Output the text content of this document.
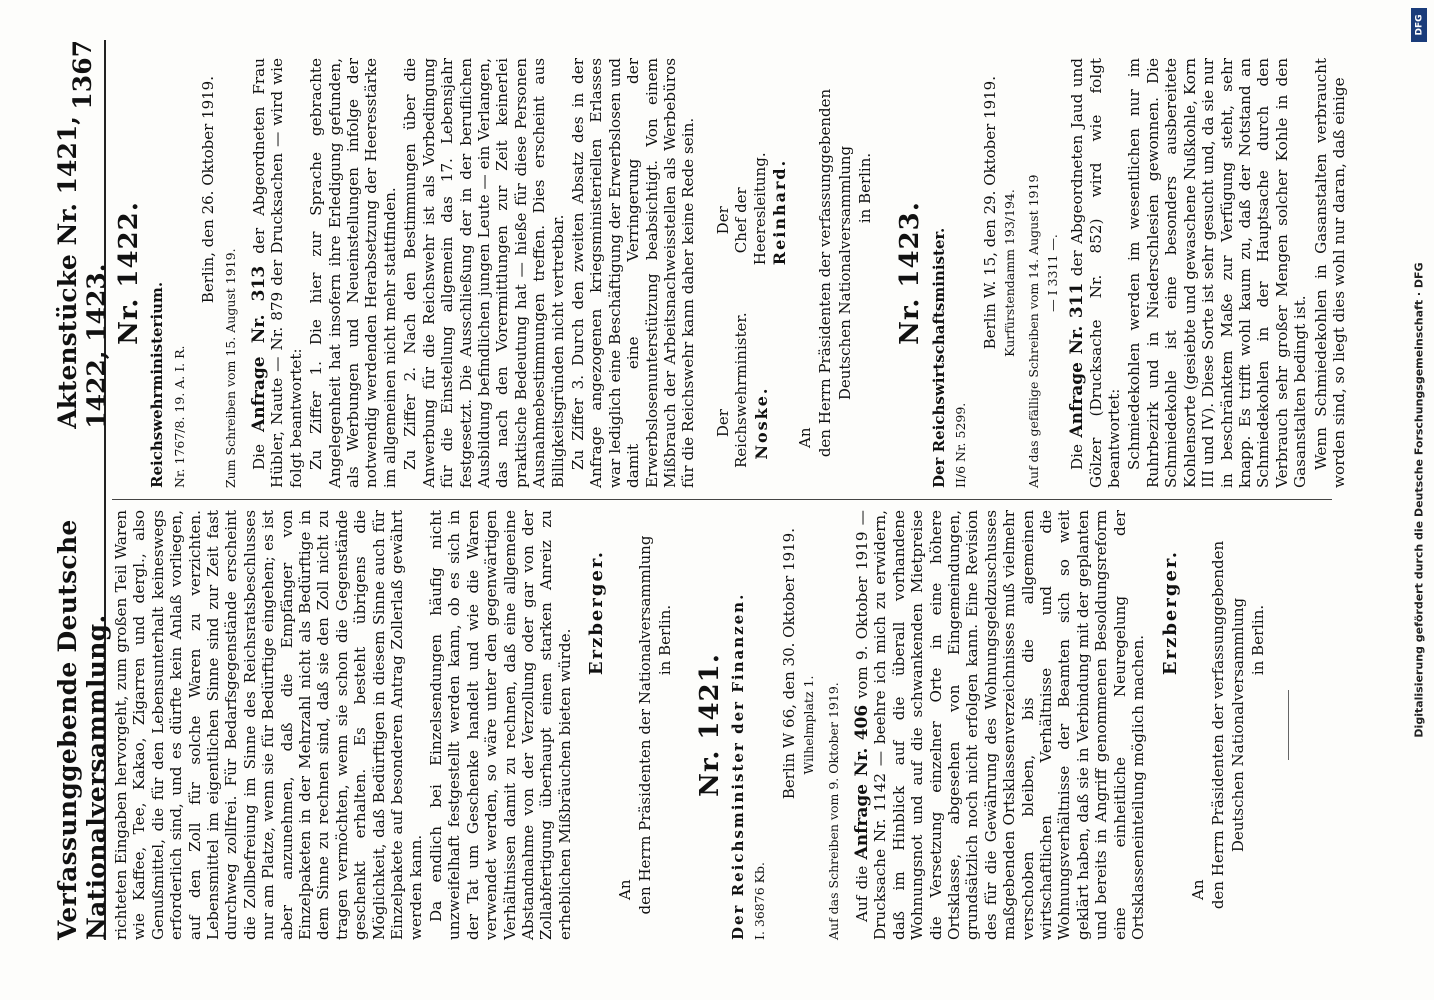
Verfassunggebende Deutsche Nationalversammlung.
Aktenstücke Nr. 1421, 1422, 1423.
1367

richteten Eingaben hervorgeht, zum großen Teil Waren wie Kaffee, Tee, Kakao, Zigarren und dergl., also Genußmittel, die für den Lebensunterhalt keineswegs erforderlich sind, und es dürfte kein Anlaß vorliegen, auf den Zoll für solche Waren zu verzichten. Lebensmittel im eigentlichen Sinne sind zur Zeit fast durchweg zollfrei. Für Bedarfsgegenstände erscheint die Zollbefreiung im Sinne des Reichsratsbeschlusses nur am Platze, wenn sie für Bedürftige eingehen; es ist aber anzunehmen, daß die Empfänger von Einzelpaketen in der Mehrzahl nicht als Bedürftige in dem Sinne zu rechnen sind, daß sie den Zoll nicht zu tragen vermöchten, wenn sie schon die Gegenstände geschenkt erhalten. Es besteht übrigens die Möglichkeit, daß Bedürftigen in diesem Sinne auch für Einzelpakete auf besonderen Antrag Zollerlaß gewährt werden kann. Da endlich bei Einzelsendungen häufig nicht unzweifelhaft festgestellt werden kann, ob es sich in der Tat um Geschenke handelt und wie die Waren verwendet werden, so wäre unter den gegenwärtigen Verhältnissen damit zu rechnen, daß eine allgemeine Abstandnahme von der Verzollung oder gar von der Zollabfertigung überhaupt einen starken Anreiz zu erheblichen Mißbräuchen bieten würde.

Erzberger.
An den Herrn Präsidenten der Nationalversammlung in Berlin.
Nr. 1421. Der Reichsminister der Finanzen. I. 36876 Kb.
Berlin W 66, den 30. Oktober 1919. Wilhelmplatz 1. Auf das Schreiben vom 9. Oktober 1919. Auf die Anfrage Nr. 406 vom 9. Oktober 1919 — Drucksache Nr. 1142 — beehre ich mich zu erwidern, daß im Hinblick auf die überall vorhandene Wohnungsnot und auf die schwankenden Mietpreise die Versetzung einzelner Orte in eine höhere Ortsklasse, abgesehen von Eingemeindungen, grundsätzlich noch nicht erfolgen kann. Eine Revision des für die Gewährung des Wohnungsgeldzuschusses maßgebenden Ortsklassenverzeichnisses muß vielmehr verschoben bleiben, bis die allgemeinen wirtschaftlichen Verhältnisse und die Wohnungsverhältnisse der Beamten sich so weit geklärt haben, daß sie in Verbindung mit der geplanten und bereits in Angriff genommenen Besoldungsreform eine einheitliche Neuregelung der Ortsklasseneinteilung möglich machen.

Erzberger.
An den Herrn Präsidenten der verfassunggebenden Deutschen Nationalversammlung in Berlin.
Nr. 1422.
Reichswehrministerium. Nr. 1767/8. 19. A. I. R.
Berlin, den 26. Oktober 1919.
Zum Schreiben vom 15. August 1919. Die Anfrage Nr. 313 der Abgeordneten Frau Hübler, Naute — Nr. 879 der Drucksachen — wird wie folgt beantwortet: Zu Ziffer 1. Die hier zur Sprache gebrachte Angelegenheit hat insofern ihre Erledigung gefunden, als Werbungen und Neueinstellungen infolge der notwendig werdenden Herabsetzung der Heeresstärke im allgemeinen nicht mehr stattfinden. Zu Ziffer 2. Nach den Bestimmungen über die Anwerbung für die Reichswehr ist als Vorbedingung für die Einstellung allgemein das 17. Lebensjahr festgesetzt. Die Ausschließung der in der beruflichen Ausbildung befindlichen jungen Leute — ein Verlangen, das nach den Vorermittlungen zur Zeit keinerlei praktische Bedeutung hat — hieße für diese Personen Ausnahmebestimmungen treffen. Dies erscheint aus Billigkeitsgründen nicht vertretbar. Zu Ziffer 3. Durch den zweiten Absatz des in der Anfrage angezogenen kriegsministeriellen Erlasses war lediglich eine Beschäftigung der Erwerbslosen und damit eine Verringerung der Erwerbslosenunterstützung beabsichtigt. Von einem Mißbrauch der Arbeitsnachweisstellen als Werbebüros für die Reichswehr kann daher keine Rede sein. Der Reichswehrminister. Noske.
Der Chef der Heeresleitung. Reinhard.
An den Herrn Präsidenten der verfassunggebenden Deutschen Nationalversammlung in Berlin.
Nr. 1423. Der Reichswirtschaftsminister. II/6 Nr. 5299.
Berlin W. 15, den 29. Oktober 1919. Kurfürstendamm 193/194. Auf das gefällige Schreiben vom 14. August 1919 — I 3311 —.

Die Anfrage Nr. 311 der Abgeordneten Jaud und Gölzer (Drucksache Nr. 852) wird wie folgt beantwortet: Schmiedekohlen werden im wesentlichen nur im Ruhrbezirk und in Niederschlesien gewonnen. Die Schmiedekohle ist eine besonders ausbereitete Kohlensorte (gesiebte und gewaschene Nußkohle, Korn III und IV). Diese Sorte ist sehr gesucht und, da sie nur in beschränktem Maße zur Verfügung steht, sehr knapp. Es trifft wohl kaum zu, daß der Notstand an Schmiedekohlen in der Hauptsache durch den Verbrauch sehr großer Mengen solcher Kohle in den Gasanstalten bedingt ist. Wenn Schmiedekohlen in Gasanstalten verbraucht worden sind, so liegt dies wohl nur daran, daß einige

DFG
Digitalisierung gefördert durch die Deutsche Forschungsgemeinschaft · DFG
